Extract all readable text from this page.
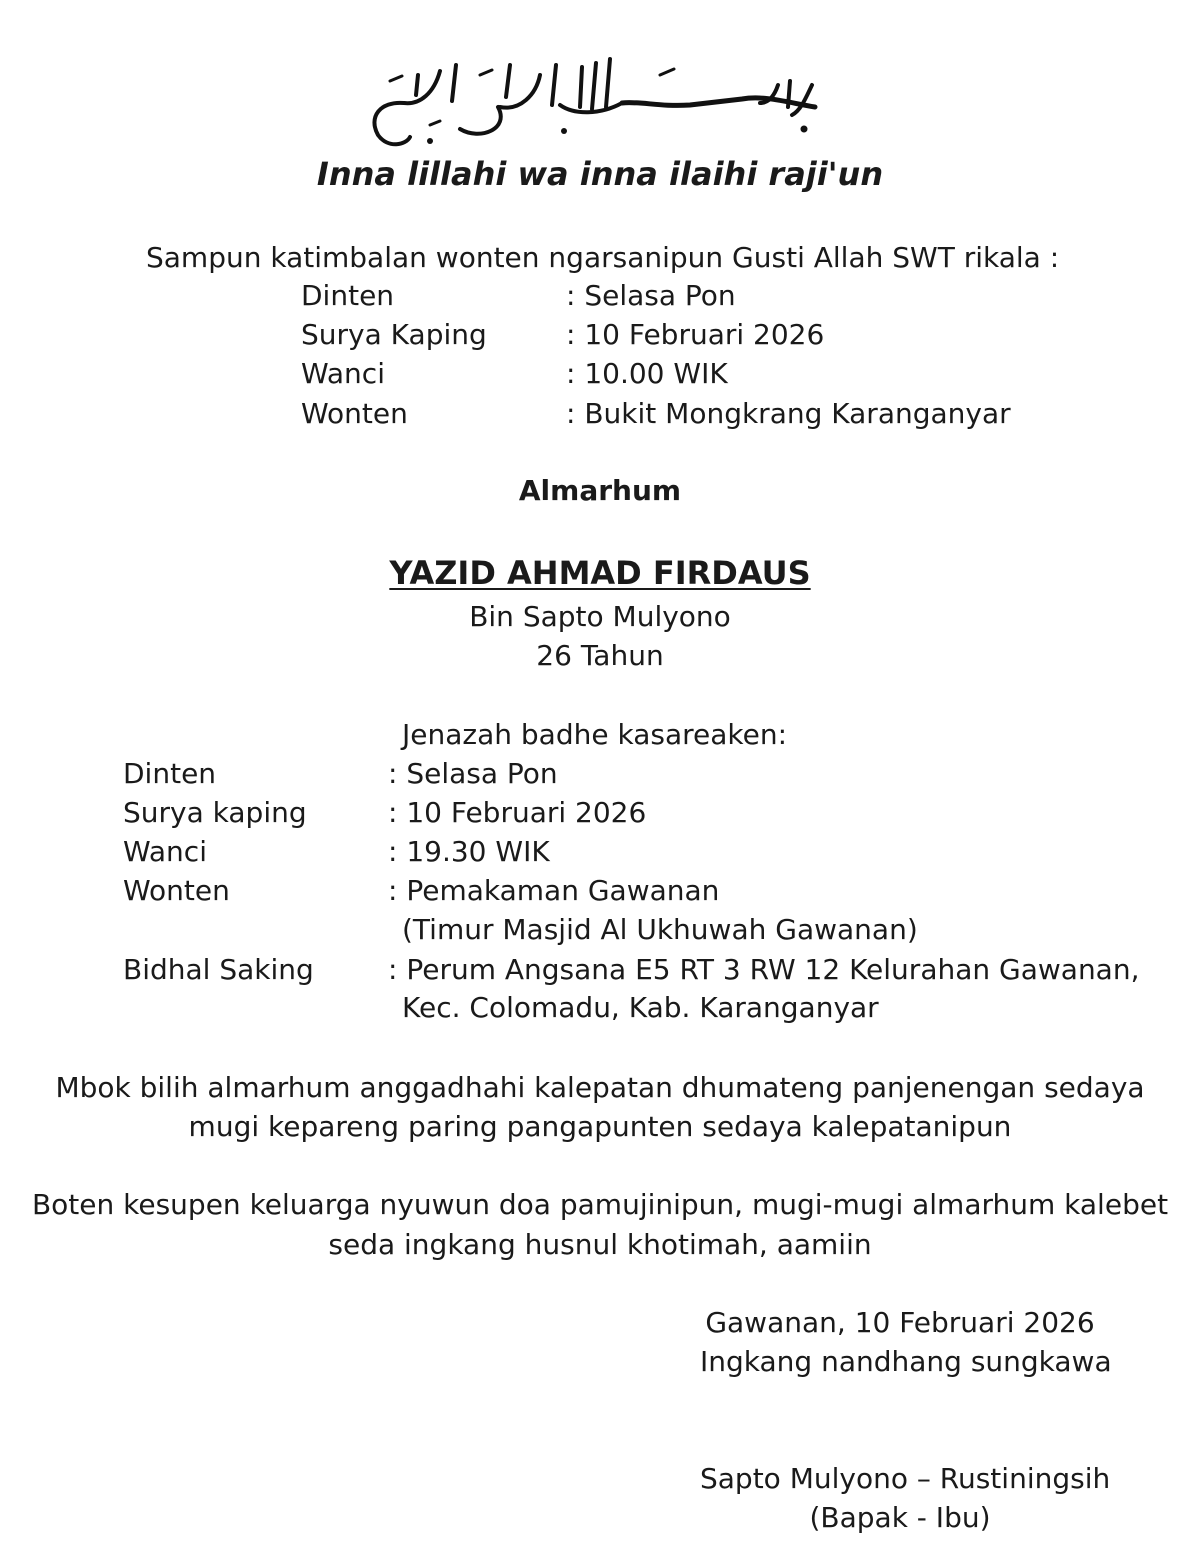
Inna lillahi wa inna ilaihi raji'un
Sampun katimbalan wonten ngarsanipun Gusti Allah SWT rikala :
Dinten	: Selasa Pon
Surya Kaping	: 10 Februari 2026
Wanci	: 10.00 WIK
Wonten	: Bukit Mongkrang Karanganyar
Almarhum
YAZID AHMAD FIRDAUS
Bin Sapto Mulyono
26 Tahun
Jenazah badhe kasareaken:
Dinten	: Selasa Pon
Surya kaping	: 10 Februari 2026
Wanci	: 19.30 WIK
Wonten	: Pemakaman Gawanan
(Timur Masjid Al Ukhuwah Gawanan)
Bidhal Saking	: Perum Angsana E5 RT 3 RW 12 Kelurahan Gawanan,
Kec. Colomadu, Kab. Karanganyar
Mbok bilih almarhum anggadhahi kalepatan dhumateng panjenengan sedaya
mugi kepareng paring pangapunten sedaya kalepatanipun
Boten kesupen keluarga nyuwun doa pamujinipun, mugi-mugi almarhum kalebet
seda ingkang husnul khotimah, aamiin
Gawanan, 10 Februari 2026
Ingkang nandhang sungkawa
Sapto Mulyono – Rustiningsih
(Bapak - Ibu)
